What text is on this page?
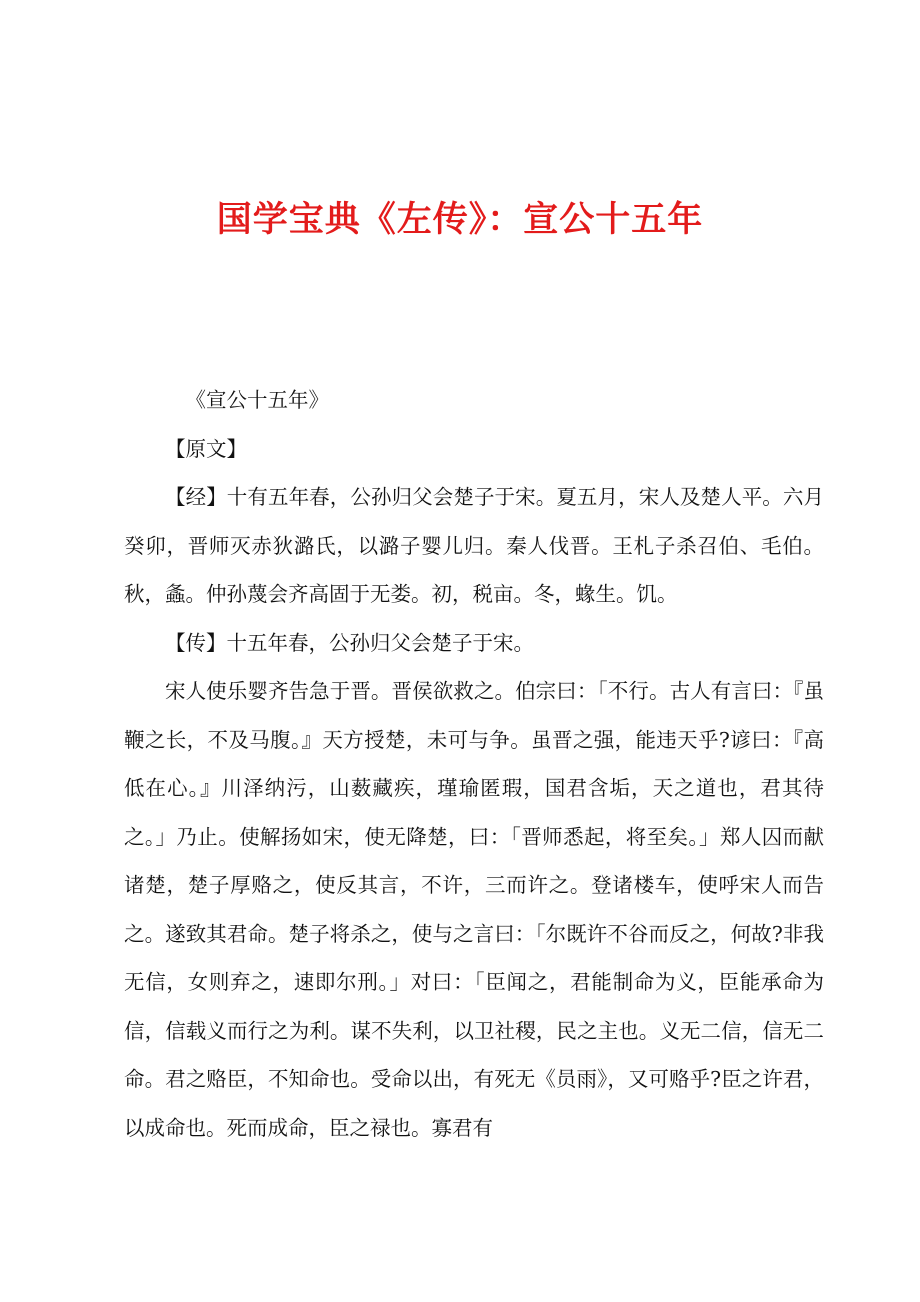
国学宝典《左传》：宣公十五年

《宣公十五年》

【原文】

【经】十有五年春，公孙归父会楚子于宋。夏五月，宋人及楚人平。六月癸卯，晋师灭赤狄潞氏，以潞子婴儿归。秦人伐晋。王札子杀召伯、毛伯。秋，螽。仲孙蔑会齐高固于无娄。初，税亩。冬，蝝生。饥。

【传】十五年春，公孙归父会楚子于宋。

宋人使乐婴齐告急于晋。晋侯欲救之。伯宗曰：「不行。古人有言曰：『虽鞭之长，不及马腹。』天方授楚，未可与争。虽晋之强，能违天乎?谚曰：『高低在心。』川泽纳污，山薮藏疾，瑾瑜匿瑕，国君含垢，天之道也，君其待之。」乃止。使解扬如宋，使无降楚，曰：「晋师悉起，将至矣。」郑人囚而献诸楚，楚子厚赂之，使反其言，不许，三而许之。登诸楼车，使呼宋人而告之。遂致其君命。楚子将杀之，使与之言曰：「尔既许不谷而反之，何故?非我无信，女则弃之，速即尔刑。」对曰：「臣闻之，君能制命为义，臣能承命为信，信载义而行之为利。谋不失利，以卫社稷，民之主也。义无二信，信无二命。君之赂臣，不知命也。受命以出，有死无《员雨》，又可赂乎?臣之许君，以成命也。死而成命，臣之禄也。寡君有
